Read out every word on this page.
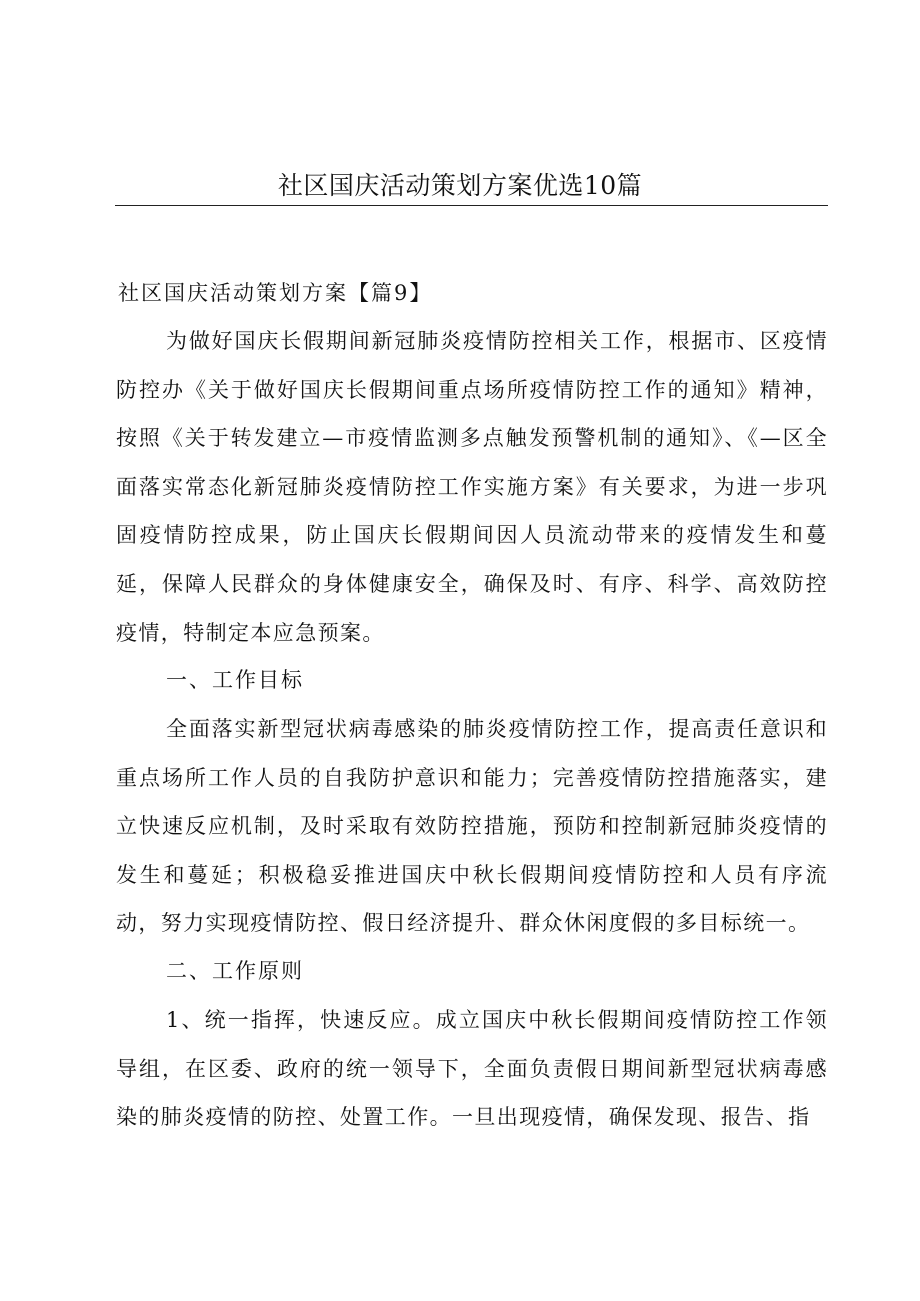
社区国庆活动策划方案优选10篇
社区国庆活动策划方案【篇9】

为做好国庆长假期间新冠肺炎疫情防控相关工作，根据市、区疫情防控办《关于做好国庆长假期间重点场所疫情防控工作的通知》精神，按照《关于转发建立—市疫情监测多点触发预警机制的通知》、《—区全面落实常态化新冠肺炎疫情防控工作实施方案》有关要求，为进一步巩固疫情防控成果，防止国庆长假期间因人员流动带来的疫情发生和蔓延，保障人民群众的身体健康安全，确保及时、有序、科学、高效防控疫情，特制定本应急预案。

一、工作目标

全面落实新型冠状病毒感染的肺炎疫情防控工作，提高责任意识和重点场所工作人员的自我防护意识和能力；完善疫情防控措施落实，建立快速反应机制，及时采取有效防控措施，预防和控制新冠肺炎疫情的发生和蔓延；积极稳妥推进国庆中秋长假期间疫情防控和人员有序流动，努力实现疫情防控、假日经济提升、群众休闲度假的多目标统一。

二、工作原则

1、统一指挥，快速反应。成立国庆中秋长假期间疫情防控工作领导组，在区委、政府的统一领导下，全面负责假日期间新型冠状病毒感染的肺炎疫情的防控、处置工作。一旦出现疫情，确保发现、报告、指
